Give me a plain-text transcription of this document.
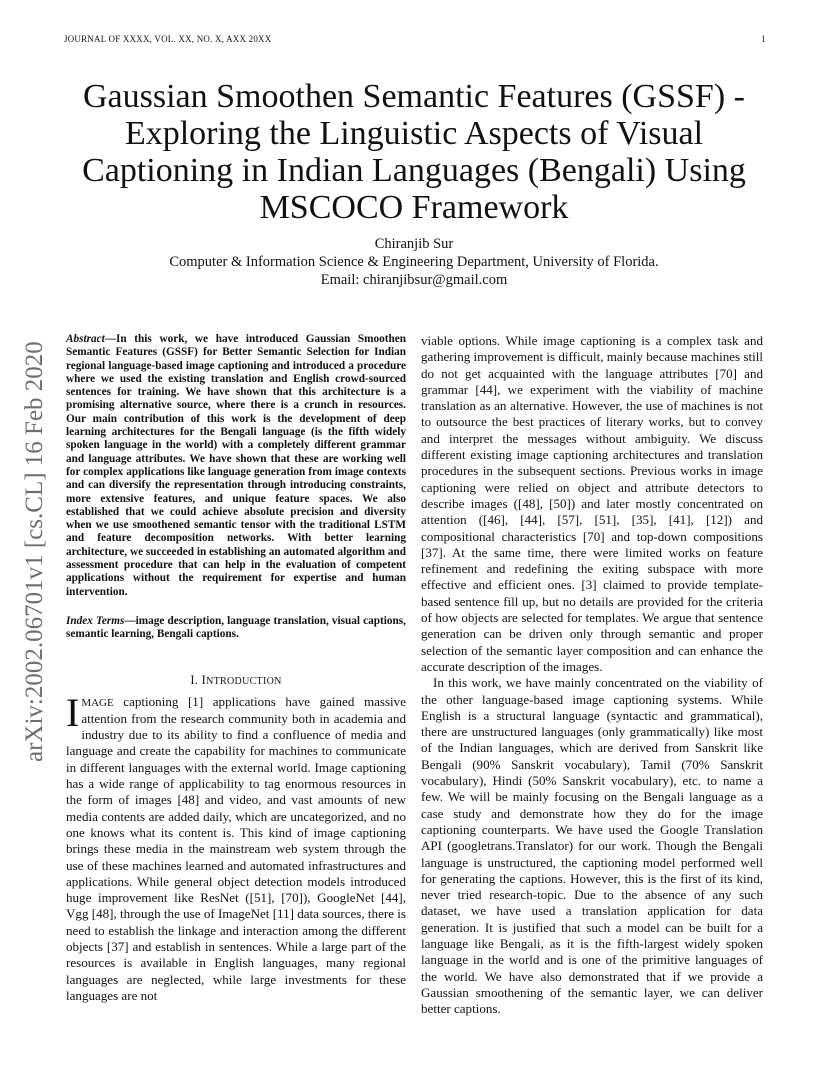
JOURNAL OF XXXX, VOL. XX, NO. X, AXX 20XX	1
arXiv:2002.06701v1 [cs.CL] 16 Feb 2020
Gaussian Smoothen Semantic Features (GSSF) - Exploring the Linguistic Aspects of Visual Captioning in Indian Languages (Bengali) Using MSCOCO Framework
Chiranjib Sur
Computer & Information Science & Engineering Department, University of Florida.
Email: chiranjibsur@gmail.com

Abstract—In this work, we have introduced Gaussian Smoothen Semantic Features (GSSF) for Better Semantic Selection for Indian regional language-based image captioning and introduced a procedure where we used the existing translation and English crowd-sourced sentences for training. We have shown that this architecture is a promising alternative source, where there is a crunch in resources. Our main contribution of this work is the development of deep learning architectures for the Bengali language (is the fifth widely spoken language in the world) with a completely different grammar and language attributes. We have shown that these are working well for complex applications like language generation from image contexts and can diversify the representation through introducing constraints, more extensive features, and unique feature spaces. We also established that we could achieve absolute precision and diversity when we use smoothened semantic tensor with the traditional LSTM and feature decomposition networks. With better learning architecture, we succeeded in establishing an automated algorithm and assessment procedure that can help in the evaluation of competent applications without the requirement for expertise and human intervention.

Index Terms—image description, language translation, visual captions, semantic learning, Bengali captions.

I. INTRODUCTION

IMAGE captioning [1] applications have gained massive attention from the research community both in academia and industry due to its ability to find a confluence of media and language and create the capability for machines to communicate in different languages with the external world. Image captioning has a wide range of applicability to tag enormous resources in the form of images [48] and video, and vast amounts of new media contents are added daily, which are uncategorized, and no one knows what its content is. This kind of image captioning brings these media in the mainstream web system through the use of these machines learned and automated infrastructures and applications. While general object detection models introduced huge improvement like ResNet ([51], [70]), GoogleNet [44], Vgg [48], through the use of ImageNet [11] data sources, there is need to establish the linkage and interaction among the different objects [37] and establish in sentences. While a large part of the resources is available in English languages, many regional languages are neglected, while large investments for these languages are not

viable options. While image captioning is a complex task and gathering improvement is difficult, mainly because machines still do not get acquainted with the language attributes [70] and grammar [44], we experiment with the viability of machine translation as an alternative. However, the use of machines is not to outsource the best practices of literary works, but to convey and interpret the messages without ambiguity. We discuss different existing image captioning architectures and translation procedures in the subsequent sections. Previous works in image captioning were relied on object and attribute detectors to describe images ([48], [50]) and later mostly concentrated on attention ([46], [44], [57], [51], [35], [41], [12]) and compositional characteristics [70] and top-down compositions [37]. At the same time, there were limited works on feature refinement and redefining the exiting subspace with more effective and efficient ones. [3] claimed to provide template-based sentence fill up, but no details are provided for the criteria of how objects are selected for templates. We argue that sentence generation can be driven only through semantic and proper selection of the semantic layer composition and can enhance the accurate description of the images.

In this work, we have mainly concentrated on the viability of the other language-based image captioning systems. While English is a structural language (syntactic and grammatical), there are unstructured languages (only grammatically) like most of the Indian languages, which are derived from Sanskrit like Bengali (90% Sanskrit vocabulary), Tamil (70% Sanskrit vocabulary), Hindi (50% Sanskrit vocabulary), etc. to name a few. We will be mainly focusing on the Bengali language as a case study and demonstrate how they do for the image captioning counterparts. We have used the Google Translation API (googletrans.Translator) for our work. Though the Bengali language is unstructured, the captioning model performed well for generating the captions. However, this is the first of its kind, never tried research-topic. Due to the absence of any such dataset, we have used a translation application for data generation. It is justified that such a model can be built for a language like Bengali, as it is the fifth-largest widely spoken language in the world and is one of the primitive languages of the world. We have also demonstrated that if we provide a Gaussian smoothening of the semantic layer, we can deliver better captions.
